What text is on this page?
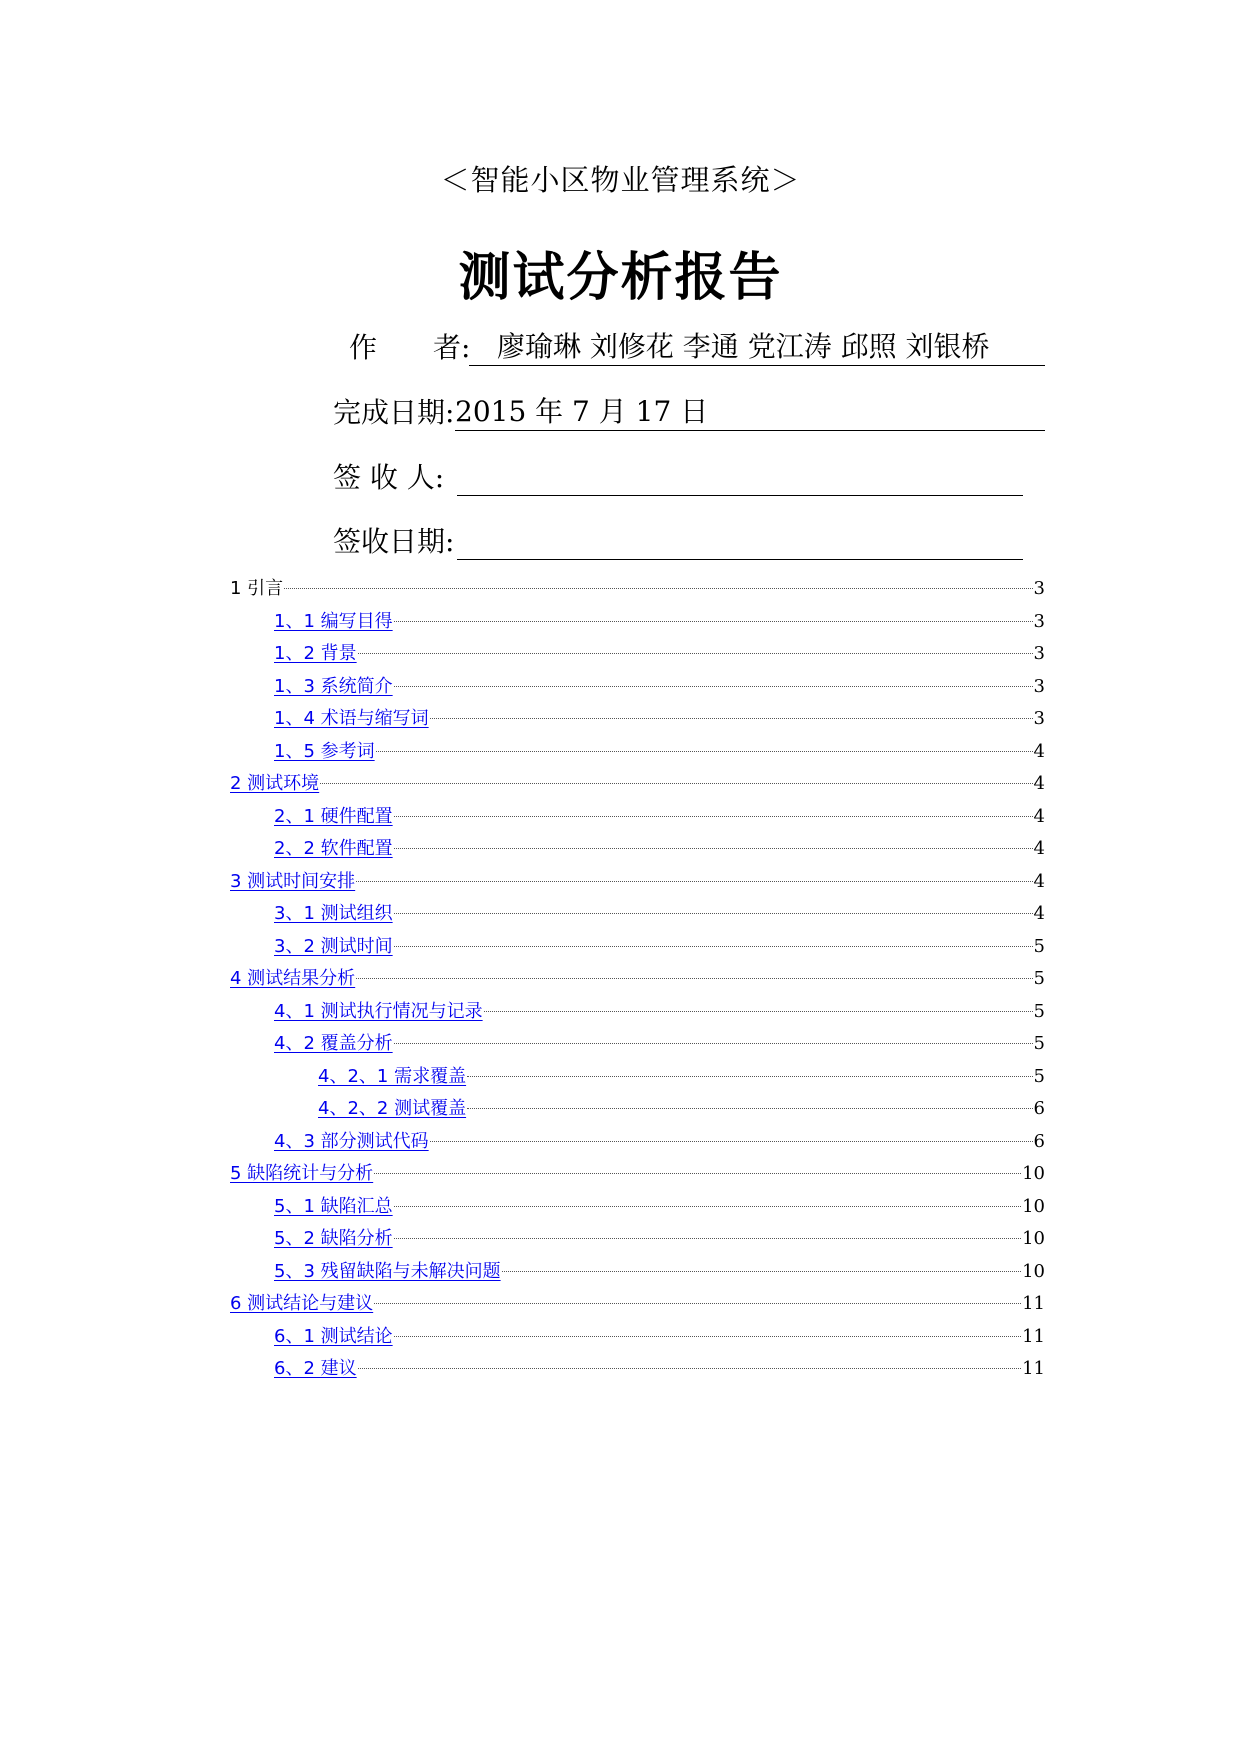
＜智能小区物业管理系统＞
测试分析报告
作　　者:
　廖瑜琳 刘修花 李通 党江涛 邱照 刘银桥
完成日期: 2015 年 7 月 17 日
签 收 人:
签收日期:
1 引言	3
1、1 编写目得	3
1、2 背景	3
1、3 系统简介	3
1、4 术语与缩写词	3
1、5 参考词	4
2 测试环境	4
2、1 硬件配置	4
2、2 软件配置	4
3 测试时间安排	4
3、1 测试组织	4
3、2 测试时间	5
4 测试结果分析	5
4、1 测试执行情况与记录	5
4、2 覆盖分析	5
4、2、1 需求覆盖	5
4、2、2 测试覆盖	6
4、3 部分测试代码	6
5 缺陷统计与分析	10
5、1 缺陷汇总	10
5、2 缺陷分析	10
5、3 残留缺陷与未解决问题	10
6 测试结论与建议	11
6、1 测试结论	11
6、2 建议	11
